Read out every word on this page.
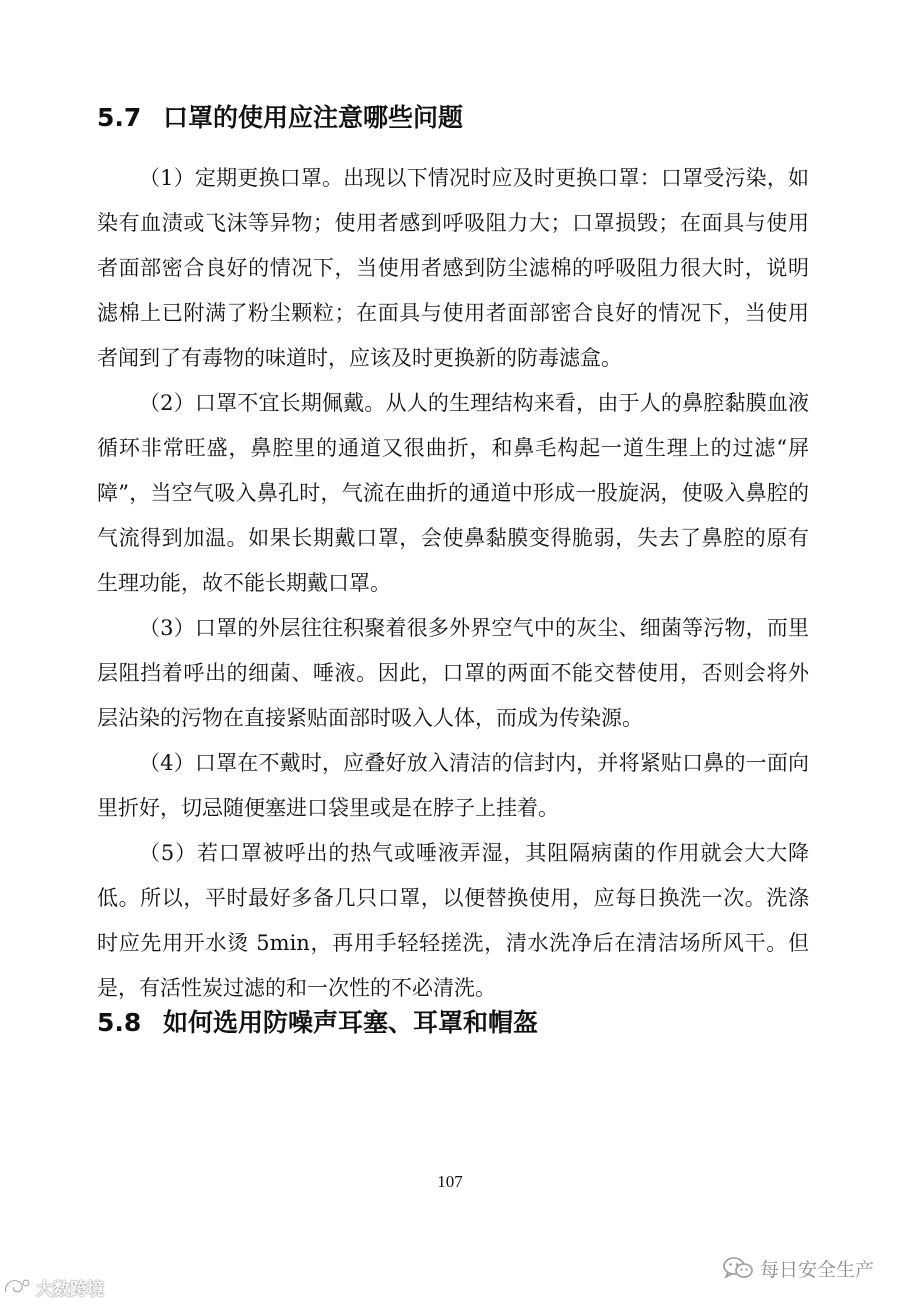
5.7 口罩的使用应注意哪些问题

（1）定期更换口罩。出现以下情况时应及时更换口罩：口罩受污染，如染有血渍或飞沫等异物；使用者感到呼吸阻力大；口罩损毁；在面具与使用者面部密合良好的情况下，当使用者感到防尘滤棉的呼吸阻力很大时，说明滤棉上已附满了粉尘颗粒；在面具与使用者面部密合良好的情况下，当使用者闻到了有毒物的味道时，应该及时更换新的防毒滤盒。

（2）口罩不宜长期佩戴。从人的生理结构来看，由于人的鼻腔黏膜血液循环非常旺盛，鼻腔里的通道又很曲折，和鼻毛构起一道生理上的过滤“屏障”，当空气吸入鼻孔时，气流在曲折的通道中形成一股旋涡，使吸入鼻腔的气流得到加温。如果长期戴口罩，会使鼻黏膜变得脆弱，失去了鼻腔的原有生理功能，故不能长期戴口罩。

（3）口罩的外层往往积聚着很多外界空气中的灰尘、细菌等污物，而里层阻挡着呼出的细菌、唾液。因此，口罩的两面不能交替使用，否则会将外层沾染的污物在直接紧贴面部时吸入人体，而成为传染源。

（4）口罩在不戴时，应叠好放入清洁的信封内，并将紧贴口鼻的一面向里折好，切忌随便塞进口袋里或是在脖子上挂着。

（5）若口罩被呼出的热气或唾液弄湿，其阻隔病菌的作用就会大大降低。所以，平时最好多备几只口罩，以便替换使用，应每日换洗一次。洗涤时应先用开水烫 5min，再用手轻轻搓洗，清水洗净后在清洁场所风干。但是，有活性炭过滤的和一次性的不必清洗。

5.8 如何选用防噪声耳塞、耳罩和帽盔
107
大数跨境
每日安全生产
